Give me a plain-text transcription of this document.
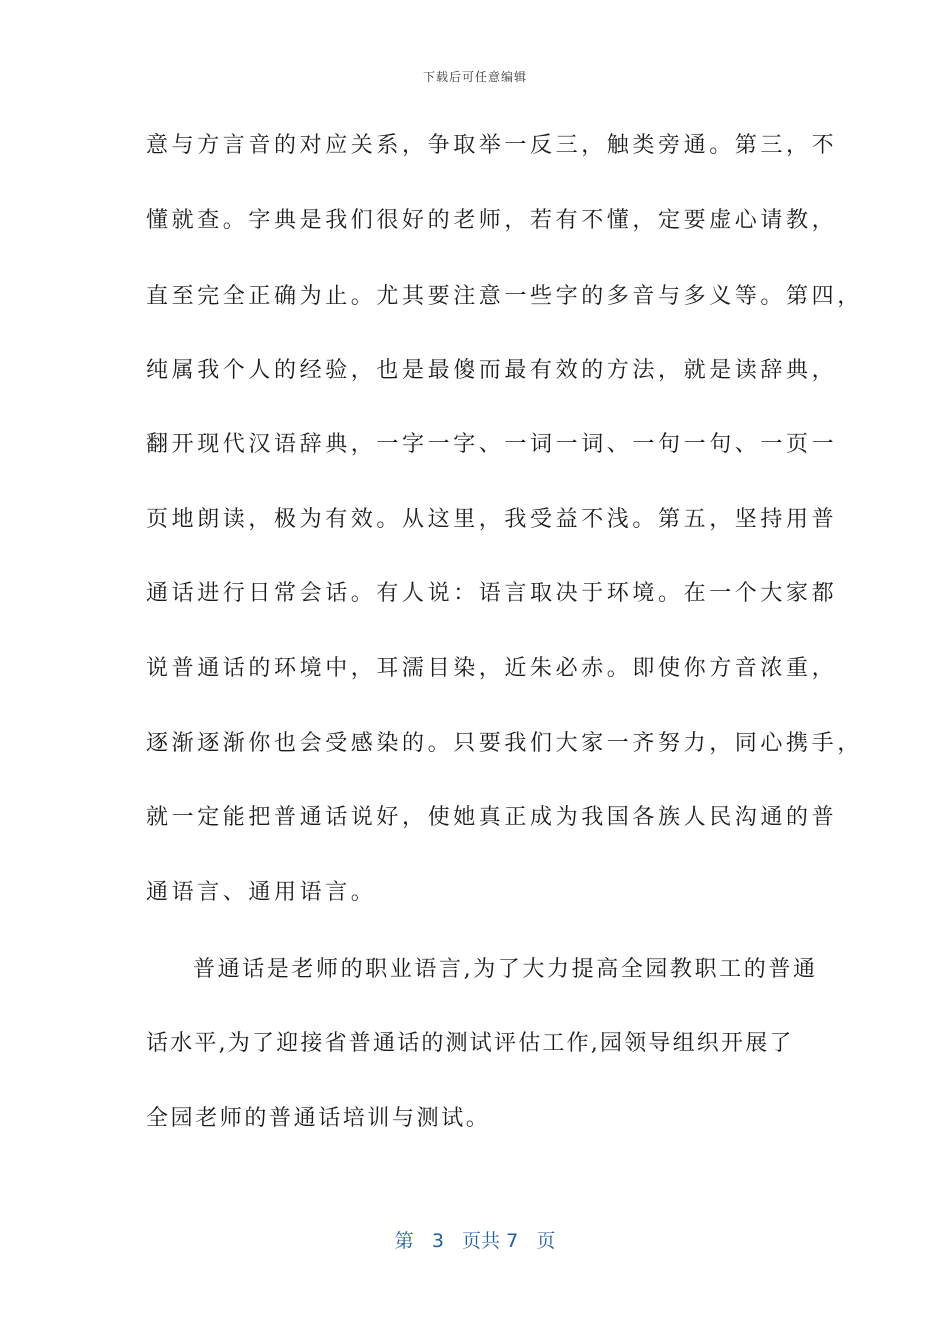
下载后可任意编辑
意与方言音的对应关系，争取举一反三，触类旁通。第三，不
懂就查。字典是我们很好的老师，若有不懂，定要虚心请教，
直至完全正确为止。尤其要注意一些字的多音与多义等。第四，
纯属我个人的经验，也是最傻而最有效的方法，就是读辞典，
翻开现代汉语辞典，一字一字、一词一词、一句一句、一页一
页地朗读，极为有效。从这里，我受益不浅。第五，坚持用普
通话进行日常会话。有人说：语言取决于环境。在一个大家都
说普通话的环境中，耳濡目染，近朱必赤。即使你方音浓重，
逐渐逐渐你也会受感染的。只要我们大家一齐努力，同心携手，
就一定能把普通话说好，使她真正成为我国各族人民沟通的普
通语言、通用语言。
普通话是老师的职业语言,为了大力提高全园教职工的普通
话水平,为了迎接省普通话的测试评估工作,园领导组织开展了
全园老师的普通话培训与测试。
第 3 页共 7 页
